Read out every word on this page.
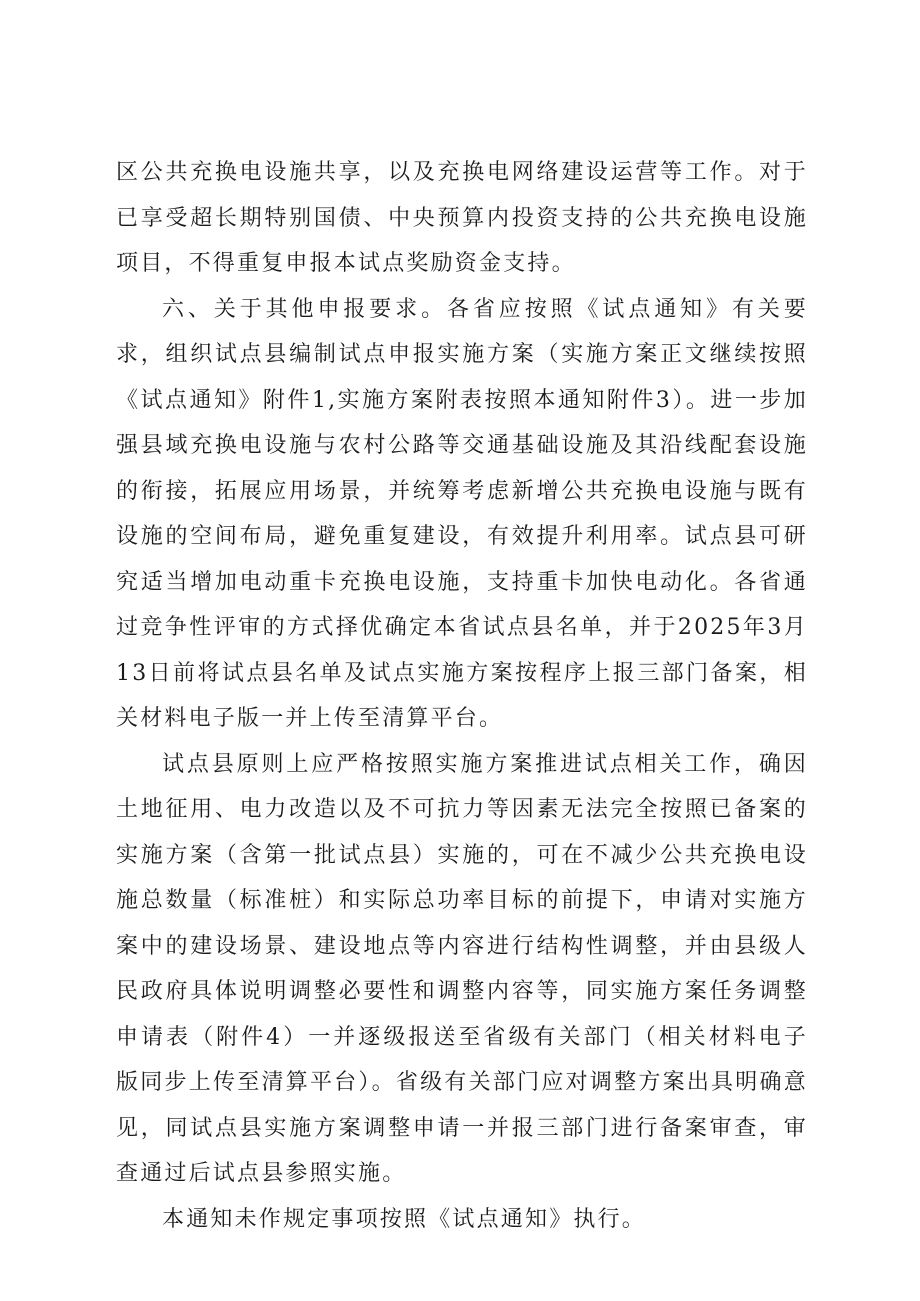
区公共充换电设施共享，以及充换电网络建设运营等工作。对于已享受超长期特别国债、中央预算内投资支持的公共充换电设施项目，不得重复申报本试点奖励资金支持。

六、关于其他申报要求。各省应按照《试点通知》有关要求，组织试点县编制试点申报实施方案（实施方案正文继续按照《试点通知》附件1,实施方案附表按照本通知附件3）。进一步加强县域充换电设施与农村公路等交通基础设施及其沿线配套设施的衔接，拓展应用场景，并统筹考虑新增公共充换电设施与既有设施的空间布局，避免重复建设，有效提升利用率。试点县可研究适当增加电动重卡充换电设施，支持重卡加快电动化。各省通过竞争性评审的方式择优确定本省试点县名单，并于2025年3月13日前将试点县名单及试点实施方案按程序上报三部门备案，相关材料电子版一并上传至清算平台。

试点县原则上应严格按照实施方案推进试点相关工作，确因土地征用、电力改造以及不可抗力等因素无法完全按照已备案的实施方案（含第一批试点县）实施的，可在不减少公共充换电设施总数量（标准桩）和实际总功率目标的前提下，申请对实施方案中的建设场景、建设地点等内容进行结构性调整，并由县级人民政府具体说明调整必要性和调整内容等，同实施方案任务调整申请表（附件4）一并逐级报送至省级有关部门（相关材料电子版同步上传至清算平台）。省级有关部门应对调整方案出具明确意见，同试点县实施方案调整申请一并报三部门进行备案审查，审查通过后试点县参照实施。

本通知未作规定事项按照《试点通知》执行。
